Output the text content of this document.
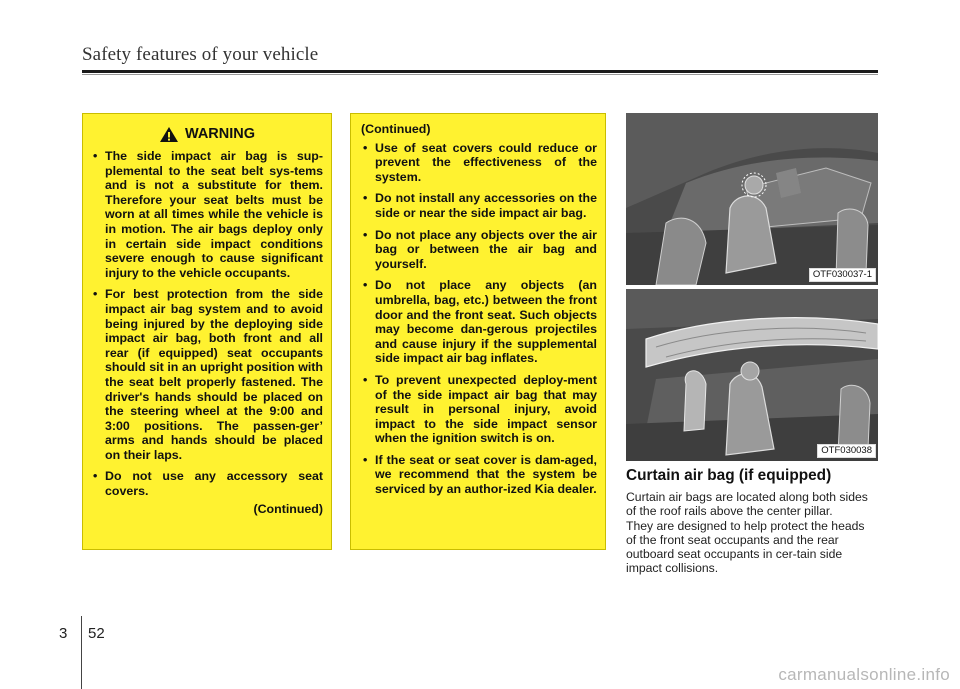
Safety features of your vehicle
WARNING
• The side impact air bag is sup-plemental to the seat belt sys-tems and is not a substitute for them. Therefore your seat belts must be worn at all times while the vehicle is in motion. The air bags deploy only in certain side impact conditions severe enough to cause significant injury to the vehicle occupants.
• For best protection from the side impact air bag system and to avoid being injured by the deploying side impact air bag, both front and all rear (if equipped) seat occupants should sit in an upright position with the seat belt properly fastened. The driver's hands should be placed on the steering wheel at the 9:00 and 3:00 positions. The passen-ger’ arms and hands should be placed on their laps.
• Do not use any accessory seat covers.
(Continued)
(Continued)
• Use of seat covers could reduce or prevent the effectiveness of the system.
• Do not install any accessories on the side or near the side impact air bag.
• Do not place any objects over the air bag or between the air bag and yourself.
• Do not place any objects (an umbrella, bag, etc.) between the front door and the front seat. Such objects may become dan-gerous projectiles and cause injury if the supplemental side impact air bag inflates.
• To prevent unexpected deploy-ment of the side impact air bag that may result in personal injury, avoid impact to the side impact sensor when the ignition switch is on.
• If the seat or seat cover is dam-aged, we recommend that the system be serviced by an author-ized Kia dealer.
OTF030037-1
OTF030038
Curtain air bag (if equipped)

Curtain air bags are located along both sides of the roof rails above the center pillar.

They are designed to help protect the heads of the front seat occupants and the rear outboard seat occupants in cer-tain side impact collisions.

3 52
carmanualsonline.info
